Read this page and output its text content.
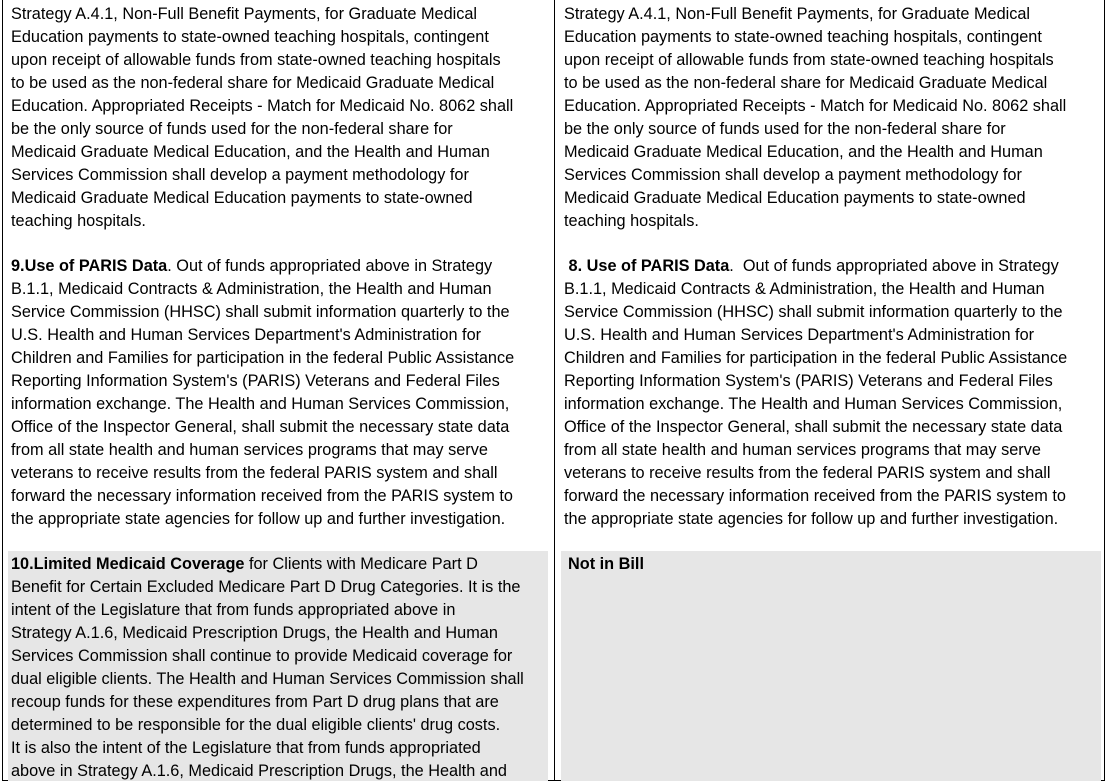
Strategy A.4.1, Non-Full Benefit Payments, for Graduate Medical
Education payments to state-owned teaching hospitals, contingent
upon receipt of allowable funds from state-owned teaching hospitals
to be used as the non-federal share for Medicaid Graduate Medical
Education. Appropriated Receipts - Match for Medicaid No. 8062 shall
be the only source of funds used for the non-federal share for
Medicaid Graduate Medical Education, and the Health and Human
Services Commission shall develop a payment methodology for
Medicaid Graduate Medical Education payments to state-owned
teaching hospitals.
Strategy A.4.1, Non-Full Benefit Payments, for Graduate Medical
Education payments to state-owned teaching hospitals, contingent
upon receipt of allowable funds from state-owned teaching hospitals
to be used as the non-federal share for Medicaid Graduate Medical
Education. Appropriated Receipts - Match for Medicaid No. 8062 shall
be the only source of funds used for the non-federal share for
Medicaid Graduate Medical Education, and the Health and Human
Services Commission shall develop a payment methodology for
Medicaid Graduate Medical Education payments to state-owned
teaching hospitals.
9.Use of PARIS Data. Out of funds appropriated above in Strategy
B.1.1, Medicaid Contracts & Administration, the Health and Human
Service Commission (HHSC) shall submit information quarterly to the
U.S. Health and Human Services Department's Administration for
Children and Families for participation in the federal Public Assistance
Reporting Information System's (PARIS) Veterans and Federal Files
information exchange. The Health and Human Services Commission,
Office of the Inspector General, shall submit the necessary state data
from all state health and human services programs that may serve
veterans to receive results from the federal PARIS system and shall
forward the necessary information received from the PARIS system to
the appropriate state agencies for follow up and further investigation.
8. Use of PARIS Data.  Out of funds appropriated above in Strategy
B.1.1, Medicaid Contracts & Administration, the Health and Human
Service Commission (HHSC) shall submit information quarterly to the
U.S. Health and Human Services Department's Administration for
Children and Families for participation in the federal Public Assistance
Reporting Information System's (PARIS) Veterans and Federal Files
information exchange. The Health and Human Services Commission,
Office of the Inspector General, shall submit the necessary state data
from all state health and human services programs that may serve
veterans to receive results from the federal PARIS system and shall
forward the necessary information received from the PARIS system to
the appropriate state agencies for follow up and further investigation.
10.Limited Medicaid Coverage for Clients with Medicare Part D
Benefit for Certain Excluded Medicare Part D Drug Categories. It is the
intent of the Legislature that from funds appropriated above in
Strategy A.1.6, Medicaid Prescription Drugs, the Health and Human
Services Commission shall continue to provide Medicaid coverage for
dual eligible clients. The Health and Human Services Commission shall
recoup funds for these expenditures from Part D drug plans that are
determined to be responsible for the dual eligible clients' drug costs.
It is also the intent of the Legislature that from funds appropriated
above in Strategy A.1.6, Medicaid Prescription Drugs, the Health and
Not in Bill
